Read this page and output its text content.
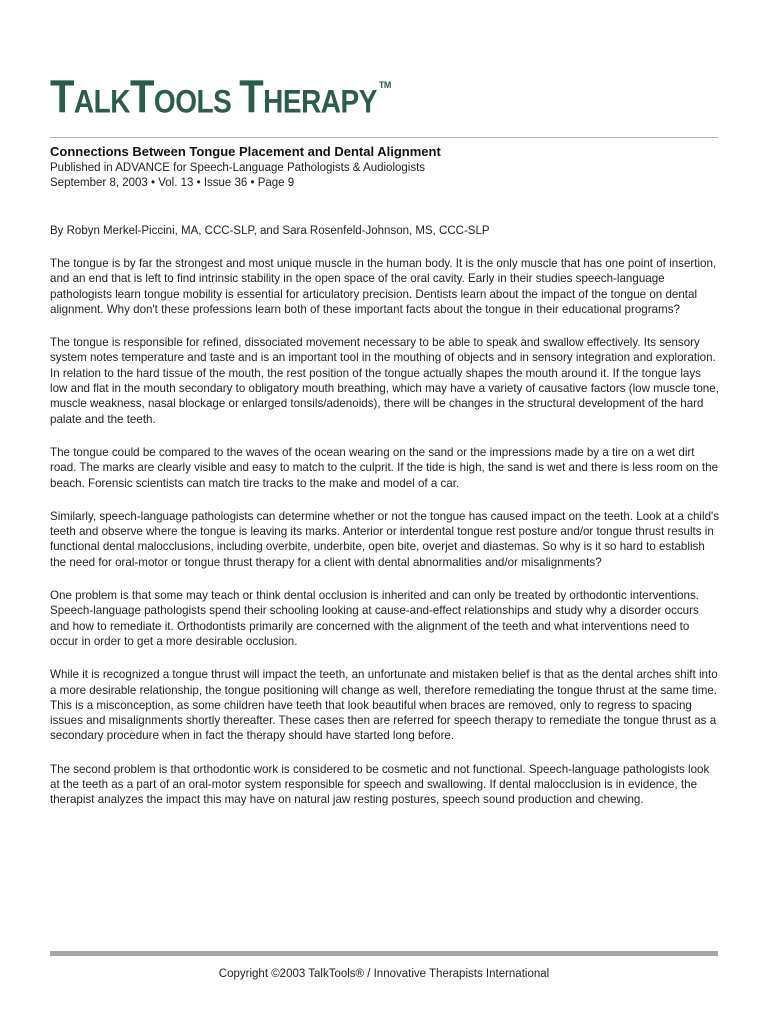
TalkTools Therapy TM
Connections Between Tongue Placement and Dental Alignment
Published in ADVANCE for Speech-Language Pathologists & Audiologists
September 8, 2003 • Vol. 13 • Issue 36 • Page 9
By Robyn Merkel-Piccini, MA, CCC-SLP, and Sara Rosenfeld-Johnson, MS, CCC-SLP

The tongue is by far the strongest and most unique muscle in the human body. It is the only muscle that has one point of insertion, and an end that is left to find intrinsic stability in the open space of the oral cavity. Early in their studies speech-language pathologists learn tongue mobility is essential for articulatory precision. Dentists learn about the impact of the tongue on dental alignment. Why don't these professions learn both of these important facts about the tongue in their educational programs?

The tongue is responsible for refined, dissociated movement necessary to be able to speak and swallow effectively. Its sensory system notes temperature and taste and is an important tool in the mouthing of objects and in sensory integration and exploration. In relation to the hard tissue of the mouth, the rest position of the tongue actually shapes the mouth around it. If the tongue lays low and flat in the mouth secondary to obligatory mouth breathing, which may have a variety of causative factors (low muscle tone, muscle weakness, nasal blockage or enlarged tonsils/adenoids), there will be changes in the structural development of the hard palate and the teeth.

The tongue could be compared to the waves of the ocean wearing on the sand or the impressions made by a tire on a wet dirt road. The marks are clearly visible and easy to match to the culprit. If the tide is high, the sand is wet and there is less room on the beach. Forensic scientists can match tire tracks to the make and model of a car.

Similarly, speech-language pathologists can determine whether or not the tongue has caused impact on the teeth. Look at a child's teeth and observe where the tongue is leaving its marks. Anterior or interdental tongue rest posture and/or tongue thrust results in functional dental malocclusions, including overbite, underbite, open bite, overjet and diastemas. So why is it so hard to establish the need for oral-motor or tongue thrust therapy for a client with dental abnormalities and/or misalignments?

One problem is that some may teach or think dental occlusion is inherited and can only be treated by orthodontic interventions. Speech-language pathologists spend their schooling looking at cause-and-effect relationships and study why a disorder occurs and how to remediate it. Orthodontists primarily are concerned with the alignment of the teeth and what interventions need to occur in order to get a more desirable occlusion.

While it is recognized a tongue thrust will impact the teeth, an unfortunate and mistaken belief is that as the dental arches shift into a more desirable relationship, the tongue positioning will change as well, therefore remediating the tongue thrust at the same time. This is a misconception, as some children have teeth that look beautiful when braces are removed, only to regress to spacing issues and misalignments shortly thereafter. These cases then are referred for speech therapy to remediate the tongue thrust as a secondary procedure when in fact the therapy should have started long before.

The second problem is that orthodontic work is considered to be cosmetic and not functional. Speech-language pathologists look at the teeth as a part of an oral-motor system responsible for speech and swallowing. If dental malocclusion is in evidence, the therapist analyzes the impact this may have on natural jaw resting postures, speech sound production and chewing.

Copyright ©2003 TalkTools® / Innovative Therapists International
